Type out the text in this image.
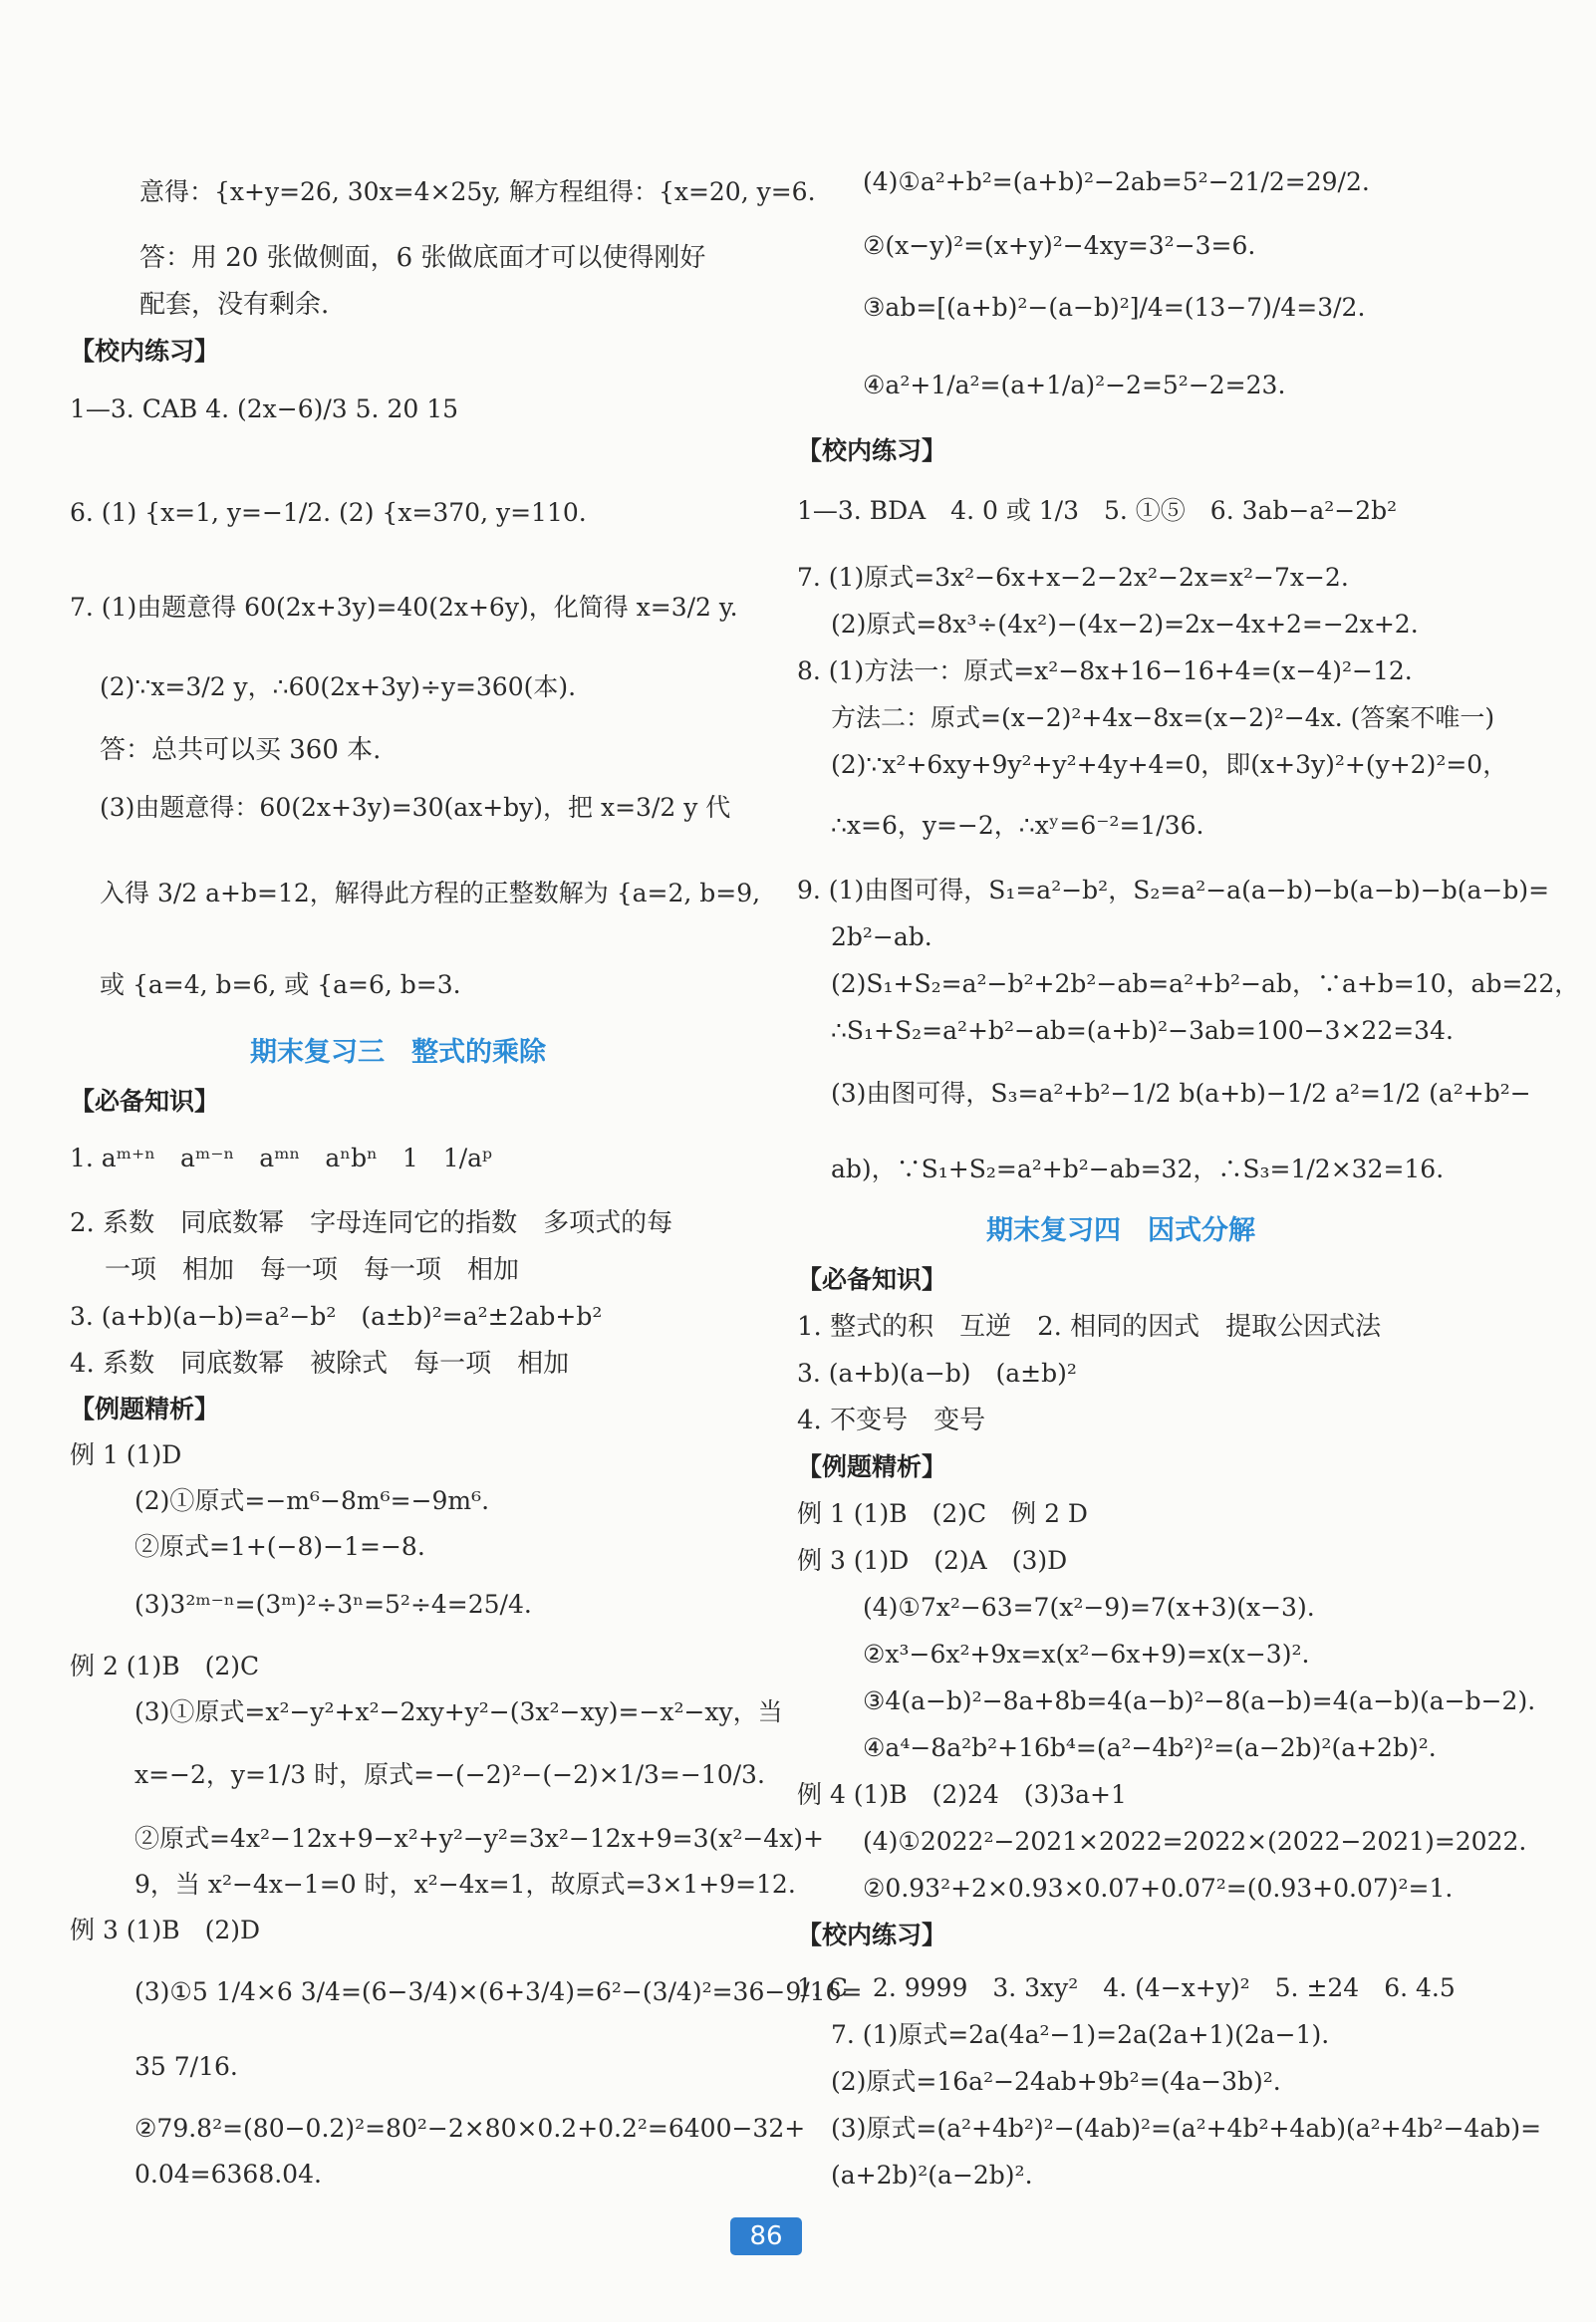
意得：{x+y=26, 30x=4×25y, 解方程组得：{x=20, y=6.
答：用 20 张做侧面，6 张做底面才可以使得刚好
配套，没有剩余.
【校内练习】
1—3. CAB 4. (2x−6)/3 5. 20 15
6. (1) {x=1, y=−1/2. (2) {x=370, y=110.
7. (1)由题意得 60(2x+3y)=40(2x+6y)，化简得 x=3/2 y.
(2)∵x=3/2 y，∴60(2x+3y)÷y=360(本).
答：总共可以买 360 本.
(3)由题意得：60(2x+3y)=30(ax+by)，把 x=3/2 y 代
入得 3/2 a+b=12，解得此方程的正整数解为 {a=2, b=9,
或 {a=4, b=6, 或 {a=6, b=3.
期末复习三　整式的乘除
【必备知识】
1. aᵐ⁺ⁿ　aᵐ⁻ⁿ　aᵐⁿ　aⁿbⁿ　1　1/aᵖ
2. 系数　同底数幂　字母连同它的指数　多项式的每
一项　相加　每一项　每一项　相加
3. (a+b)(a−b)=a²−b²　(a±b)²=a²±2ab+b²
4. 系数　同底数幂　被除式　每一项　相加
【例题精析】
例 1 (1)D
(2)①原式=−m⁶−8m⁶=−9m⁶.
②原式=1+(−8)−1=−8.
(3)3²ᵐ⁻ⁿ=(3ᵐ)²÷3ⁿ=5²÷4=25/4.
例 2 (1)B　(2)C
(3)①原式=x²−y²+x²−2xy+y²−(3x²−xy)=−x²−xy，当
x=−2，y=1/3 时，原式=−(−2)²−(−2)×1/3=−10/3.
②原式=4x²−12x+9−x²+y²−y²=3x²−12x+9=3(x²−4x)+
9，当 x²−4x−1=0 时，x²−4x=1，故原式=3×1+9=12.
例 3 (1)B　(2)D
(3)①5 1/4×6 3/4=(6−3/4)×(6+3/4)=6²−(3/4)²=36−9/16=
35 7/16.
②79.8²=(80−0.2)²=80²−2×80×0.2+0.2²=6400−32+
0.04=6368.04.
(4)①a²+b²=(a+b)²−2ab=5²−21/2=29/2.
②(x−y)²=(x+y)²−4xy=3²−3=6.
③ab=[(a+b)²−(a−b)²]/4=(13−7)/4=3/2.
④a²+1/a²=(a+1/a)²−2=5²−2=23.
【校内练习】
1—3. BDA　4. 0 或 1/3　5. ①⑤　6. 3ab−a²−2b²
7. (1)原式=3x²−6x+x−2−2x²−2x=x²−7x−2.
(2)原式=8x³÷(4x²)−(4x−2)=2x−4x+2=−2x+2.
8. (1)方法一：原式=x²−8x+16−16+4=(x−4)²−12.
方法二：原式=(x−2)²+4x−8x=(x−2)²−4x. (答案不唯一)
(2)∵x²+6xy+9y²+y²+4y+4=0，即(x+3y)²+(y+2)²=0，
∴x=6，y=−2，∴xʸ=6⁻²=1/36.
9. (1)由图可得，S₁=a²−b²，S₂=a²−a(a−b)−b(a−b)−b(a−b)=
2b²−ab.
(2)S₁+S₂=a²−b²+2b²−ab=a²+b²−ab，∵a+b=10，ab=22，
∴S₁+S₂=a²+b²−ab=(a+b)²−3ab=100−3×22=34.
(3)由图可得，S₃=a²+b²−1/2 b(a+b)−1/2 a²=1/2 (a²+b²−
ab)，∵S₁+S₂=a²+b²−ab=32，∴S₃=1/2×32=16.
期末复习四　因式分解
【必备知识】
1. 整式的积　互逆　2. 相同的因式　提取公因式法
3. (a+b)(a−b)　(a±b)²
4. 不变号　变号
【例题精析】
例 1 (1)B　(2)C　例 2 D
例 3 (1)D　(2)A　(3)D
(4)①7x²−63=7(x²−9)=7(x+3)(x−3).
②x³−6x²+9x=x(x²−6x+9)=x(x−3)².
③4(a−b)²−8a+8b=4(a−b)²−8(a−b)=4(a−b)(a−b−2).
④a⁴−8a²b²+16b⁴=(a²−4b²)²=(a−2b)²(a+2b)².
例 4 (1)B　(2)24　(3)3a+1
(4)①2022²−2021×2022=2022×(2022−2021)=2022.
②0.93²+2×0.93×0.07+0.07²=(0.93+0.07)²=1.
【校内练习】
1. C　2. 9999　3. 3xy²　4. (4−x+y)²　5. ±24　6. 4.5
7. (1)原式=2a(4a²−1)=2a(2a+1)(2a−1).
(2)原式=16a²−24ab+9b²=(4a−3b)².
(3)原式=(a²+4b²)²−(4ab)²=(a²+4b²+4ab)(a²+4b²−4ab)=
(a+2b)²(a−2b)².
86
